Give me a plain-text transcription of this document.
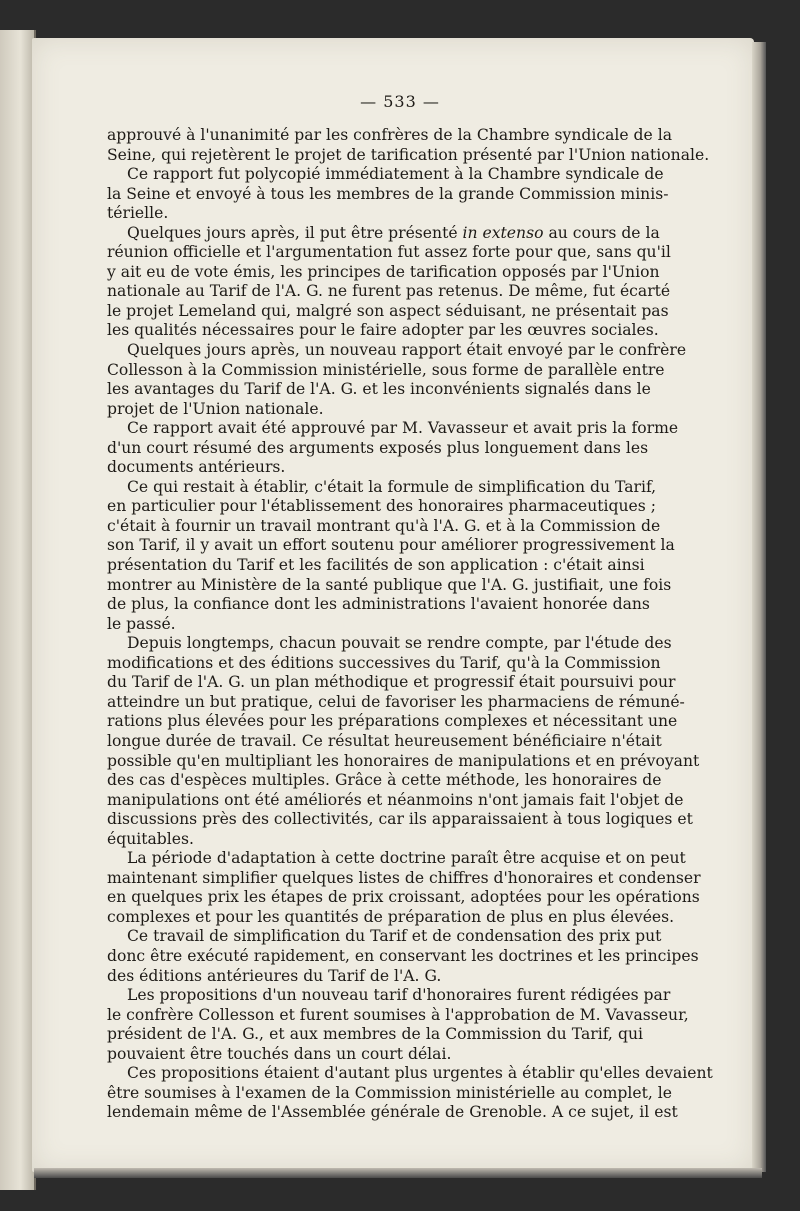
— 533 —
approuvé à l'unanimité par les confrères de la Chambre syndicale de la
Seine, qui rejetèrent le projet de tarification présenté par l'Union nationale.
Ce rapport fut polycopié immédiatement à la Chambre syndicale de
la Seine et envoyé à tous les membres de la grande Commission minis-
térielle.
Quelques jours après, il put être présenté in extenso au cours de la
réunion officielle et l'argumentation fut assez forte pour que, sans qu'il
y ait eu de vote émis, les principes de tarification opposés par l'Union
nationale au Tarif de l'A. G. ne furent pas retenus. De même, fut écarté
le projet Lemeland qui, malgré son aspect séduisant, ne présentait pas
les qualités nécessaires pour le faire adopter par les œuvres sociales.
Quelques jours après, un nouveau rapport était envoyé par le confrère
Collesson à la Commission ministérielle, sous forme de parallèle entre
les avantages du Tarif de l'A. G. et les inconvénients signalés dans le
projet de l'Union nationale.
Ce rapport avait été approuvé par M. Vavasseur et avait pris la forme
d'un court résumé des arguments exposés plus longuement dans les
documents antérieurs.
Ce qui restait à établir, c'était la formule de simplification du Tarif,
en particulier pour l'établissement des honoraires pharmaceutiques ;
c'était à fournir un travail montrant qu'à l'A. G. et à la Commission de
son Tarif, il y avait un effort soutenu pour améliorer progressivement la
présentation du Tarif et les facilités de son application : c'était ainsi
montrer au Ministère de la santé publique que l'A. G. justifiait, une fois
de plus, la confiance dont les administrations l'avaient honorée dans
le passé.
Depuis longtemps, chacun pouvait se rendre compte, par l'étude des
modifications et des éditions successives du Tarif, qu'à la Commission
du Tarif de l'A. G. un plan méthodique et progressif était poursuivi pour
atteindre un but pratique, celui de favoriser les pharmaciens de rémuné-
rations plus élevées pour les préparations complexes et nécessitant une
longue durée de travail. Ce résultat heureusement bénéficiaire n'était
possible qu'en multipliant les honoraires de manipulations et en prévoyant
des cas d'espèces multiples. Grâce à cette méthode, les honoraires de
manipulations ont été améliorés et néanmoins n'ont jamais fait l'objet de
discussions près des collectivités, car ils apparaissaient à tous logiques et
équitables.
La période d'adaptation à cette doctrine paraît être acquise et on peut
maintenant simplifier quelques listes de chiffres d'honoraires et condenser
en quelques prix les étapes de prix croissant, adoptées pour les opérations
complexes et pour les quantités de préparation de plus en plus élevées.
Ce travail de simplification du Tarif et de condensation des prix put
donc être exécuté rapidement, en conservant les doctrines et les principes
des éditions antérieures du Tarif de l'A. G.
Les propositions d'un nouveau tarif d'honoraires furent rédigées par
le confrère Collesson et furent soumises à l'approbation de M. Vavasseur,
président de l'A. G., et aux membres de la Commission du Tarif, qui
pouvaient être touchés dans un court délai.
Ces propositions étaient d'autant plus urgentes à établir qu'elles devaient
être soumises à l'examen de la Commission ministérielle au complet, le
lendemain même de l'Assemblée générale de Grenoble. A ce sujet, il est
